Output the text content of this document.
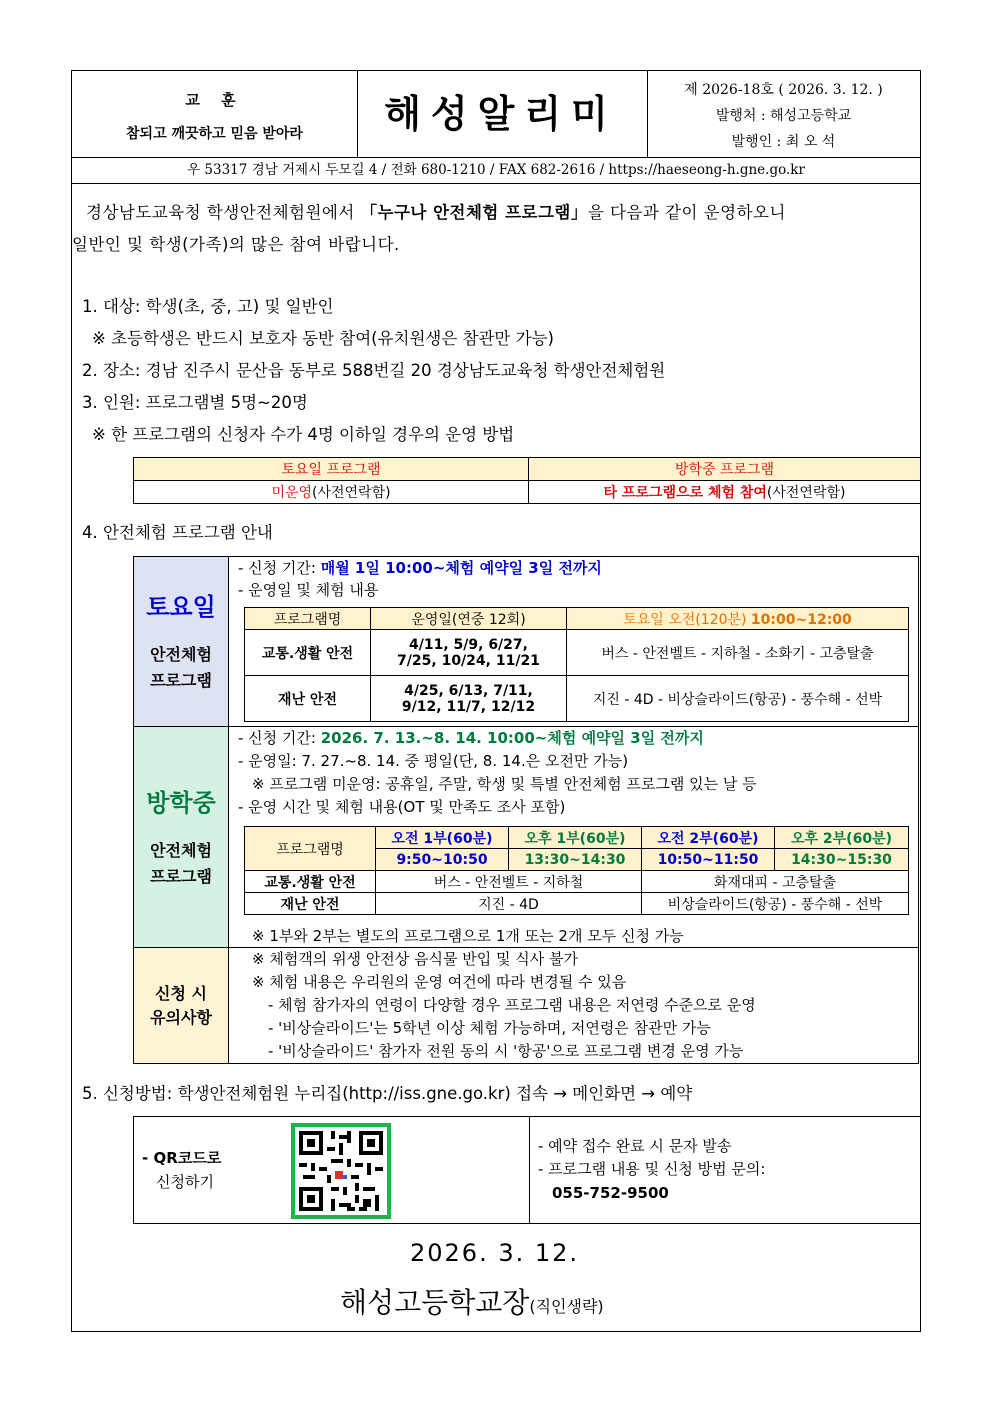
교 훈
참되고 깨끗하고 믿음 받아라	해성알리미
제 2026-18호 ( 2026. 3. 12. )
발행처 : 해성고등학교
발행인 : 최 오 석
우 53317 경남 거제시 두모길 4 / 전화 680-1210 / FAX 682-2616 / https://haeseong-h.gne.go.kr
경상남도교육청 학생안전체험원에서 「누구나 안전체험 프로그램」을 다음과 같이 운영하오니
일반인 및 학생(가족)의 많은 참여 바랍니다.
1. 대상: 학생(초, 중, 고) 및 일반인
※ 초등학생은 반드시 보호자 동반 참여(유치원생은 참관만 가능)
2. 장소: 경남 진주시 문산읍 동부로 588번길 20 경상남도교육청 학생안전체험원
3. 인원: 프로그램별 5명~20명
※ 한 프로그램의 신청자 수가 4명 이하일 경우의 운영 방법
토요일 프로그램	방학중 프로그램
미운영(사전연락함)	타 프로그램으로 체험 참여(사전연락함)
4. 안전체험 프로그램 안내
토요일
안전체험
프로그램
- 신청 기간: 매월 1일 10:00~체험 예약일 3일 전까지
- 운영일 및 체험 내용
프로그램명	운영일(연중 12회)	토요일 오전(120분) 10:00~12:00
교통.생활 안전	4/11, 5/9, 6/27,
7/25, 10/24, 11/21	버스 - 안전벨트 - 지하철 - 소화기 - 고층탈출
재난 안전	4/25, 6/13, 7/11,
9/12, 11/7, 12/12	지진 - 4D - 비상슬라이드(항공) - 풍수해 - 선박
방학중
안전체험
프로그램
- 신청 기간: 2026. 7. 13.~8. 14. 10:00~체험 예약일 3일 전까지
- 운영일: 7. 27.~8. 14. 중 평일(단, 8. 14.은 오전만 가능)
※ 프로그램 미운영: 공휴일, 주말, 학생 및 특별 안전체험 프로그램 있는 날 등
- 운영 시간 및 체험 내용(OT 및 만족도 조사 포함)
프로그램명	오전 1부(60분)	오후 1부(60분)	오전 2부(60분)	오후 2부(60분)
	9:50~10:50	13:30~14:30	10:50~11:50	14:30~15:30
교통.생활 안전	버스 - 안전벨트 - 지하철		화재대피 - 고층탈출	
재난 안전	지진 - 4D		비상슬라이드(항공) - 풍수해 - 선박	
※ 1부와 2부는 별도의 프로그램으로 1개 또는 2개 모두 신청 가능
신청 시
유의사항
※ 체험객의 위생 안전상 음식물 반입 및 식사 불가
※ 체험 내용은 우리원의 운영 여건에 따라 변경될 수 있음
- 체험 참가자의 연령이 다양할 경우 프로그램 내용은 저연령 수준으로 운영
- '비상슬라이드'는 5학년 이상 체험 가능하며, 저연령은 참관만 가능
- '비상슬라이드' 참가자 전원 동의 시 '항공'으로 프로그램 변경 운영 가능
5. 신청방법: 학생안전체험원 누리집(http://iss.gne.go.kr) 접속 → 메인화면 → 예약
- QR코드로
신청하기
- 예약 접수 완료 시 문자 발송
- 프로그램 내용 및 신청 방법 문의:
055-752-9500
2026. 3. 12.
해성고등학교장(직인생략)
